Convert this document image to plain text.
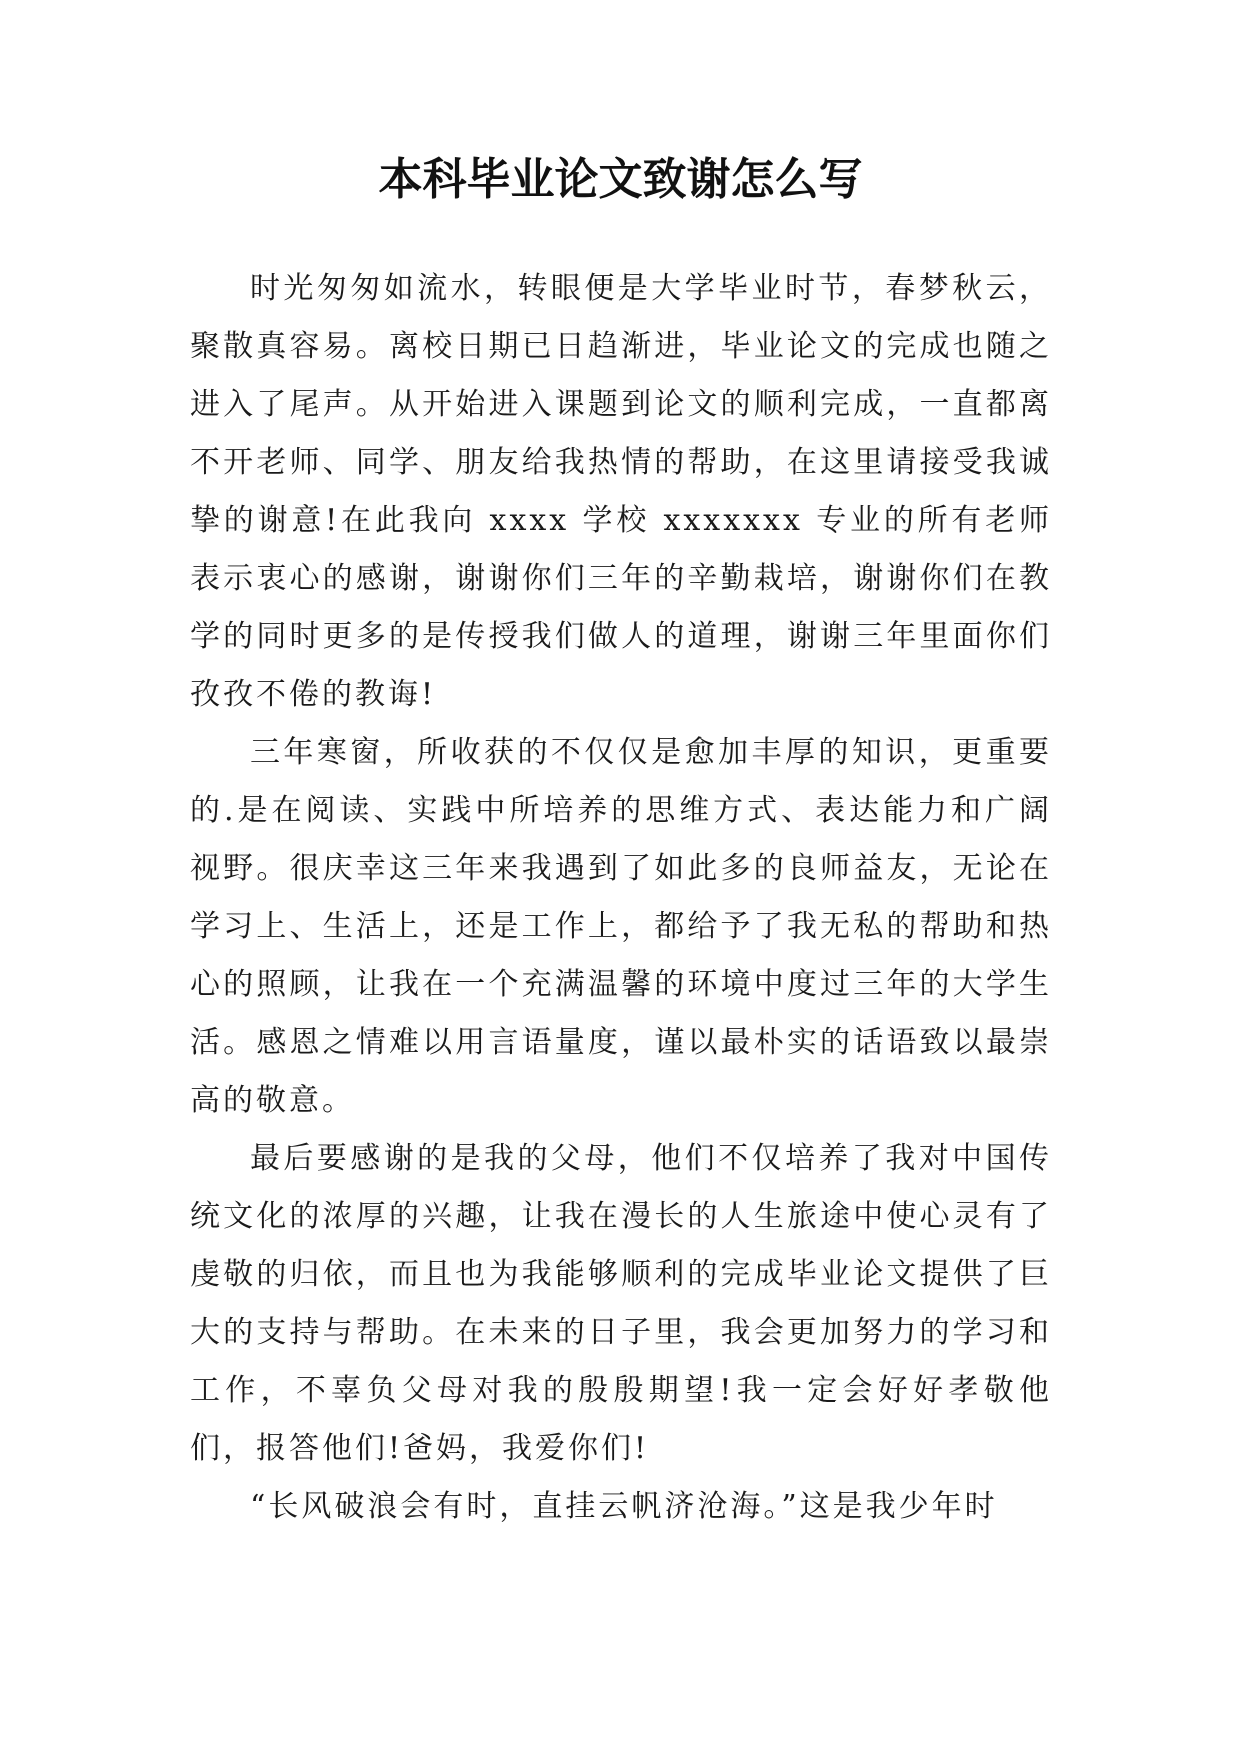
本科毕业论文致谢怎么写

时光匆匆如流水，转眼便是大学毕业时节，春梦秋云，聚散真容易。离校日期已日趋渐进，毕业论文的完成也随之进入了尾声。从开始进入课题到论文的顺利完成，一直都离不开老师、同学、朋友给我热情的帮助，在这里请接受我诚挚的谢意!在此我向 xxxx 学校 xxxxxxx 专业的所有老师表示衷心的感谢，谢谢你们三年的辛勤栽培，谢谢你们在教学的同时更多的是传授我们做人的道理，谢谢三年里面你们孜孜不倦的教诲!

三年寒窗，所收获的不仅仅是愈加丰厚的知识，更重要的.是在阅读、实践中所培养的思维方式、表达能力和广阔视野。很庆幸这三年来我遇到了如此多的良师益友，无论在学习上、生活上，还是工作上，都给予了我无私的帮助和热心的照顾，让我在一个充满温馨的环境中度过三年的大学生活。感恩之情难以用言语量度，谨以最朴实的话语致以最崇高的敬意。

最后要感谢的是我的父母，他们不仅培养了我对中国传统文化的浓厚的兴趣，让我在漫长的人生旅途中使心灵有了虔敬的归依，而且也为我能够顺利的完成毕业论文提供了巨大的支持与帮助。在未来的日子里，我会更加努力的学习和工作，不辜负父母对我的殷殷期望!我一定会好好孝敬他们，报答他们!爸妈，我爱你们!

“长风破浪会有时，直挂云帆济沧海。”这是我少年时
